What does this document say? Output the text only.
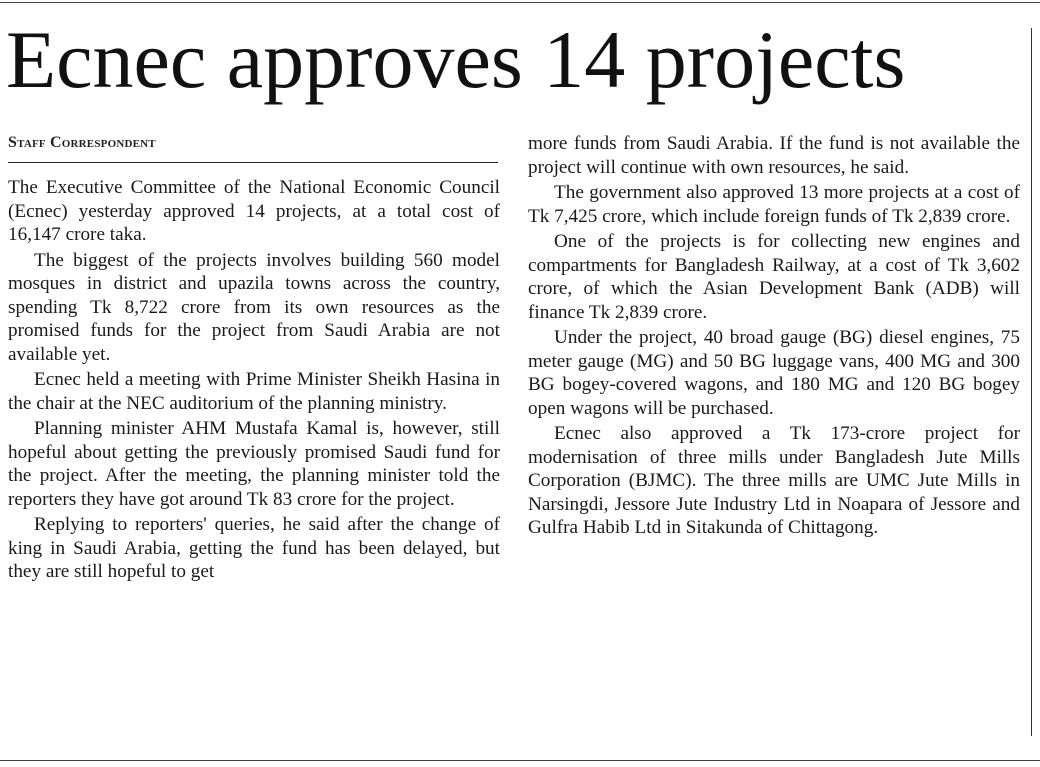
Ecnec approves 14 projects
Staff Correspondent

The Executive Committee of the National Economic Council (Ecnec) yesterday approved 14 projects, at a total cost of 16,147 crore taka.

The biggest of the projects involves building 560 model mosques in district and upazila towns across the country, spending Tk 8,722 crore from its own resources as the promised funds for the project from Saudi Arabia are not available yet.

Ecnec held a meeting with Prime Minister Sheikh Hasina in the chair at the NEC auditorium of the planning ministry.

Planning minister AHM Mustafa Kamal is, however, still hopeful about getting the previously promised Saudi fund for the project. After the meeting, the planning minister told the reporters they have got around Tk 83 crore for the project.

Replying to reporters' queries, he said after the change of king in Saudi Arabia, getting the fund has been delayed, but they are still hopeful to get

more funds from Saudi Arabia. If the fund is not available the project will continue with own resources, he said.

The government also approved 13 more projects at a cost of Tk 7,425 crore, which include foreign funds of Tk 2,839 crore.

One of the projects is for collecting new engines and compartments for Bangladesh Railway, at a cost of Tk 3,602 crore, of which the Asian Development Bank (ADB) will finance Tk 2,839 crore.

Under the project, 40 broad gauge (BG) diesel engines, 75 meter gauge (MG) and 50 BG luggage vans, 400 MG and 300 BG bogey-covered wagons, and 180 MG and 120 BG bogey open wagons will be purchased.

Ecnec also approved a Tk 173-crore project for modernisation of three mills under Bangladesh Jute Mills Corporation (BJMC). The three mills are UMC Jute Mills in Narsingdi, Jessore Jute Industry Ltd in Noapara of Jessore and Gulfra Habib Ltd in Sitakunda of Chittagong.
